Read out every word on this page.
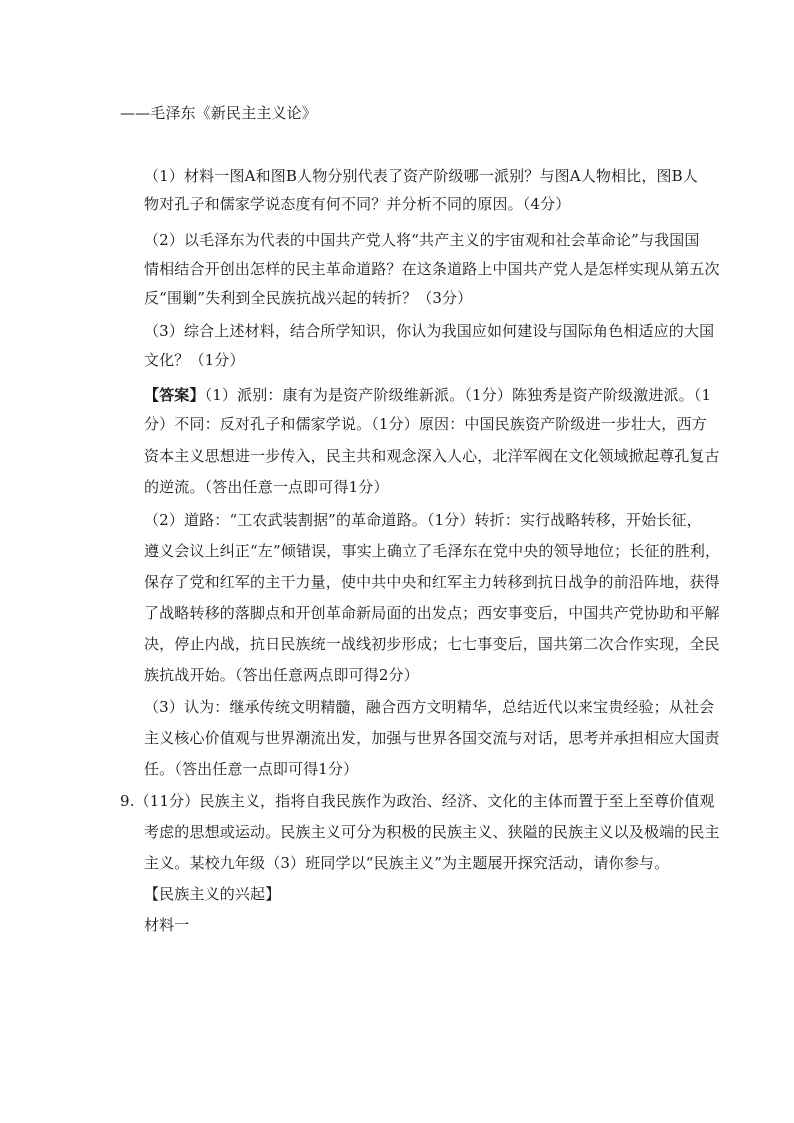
——毛泽东《新民主主义论》
（1）材料一图A和图B人物分别代表了资产阶级哪一派别？与图A人物相比，图B人
物对孔子和儒家学说态度有何不同？并分析不同的原因。（4分）
（2）以毛泽东为代表的中国共产党人将“共产主义的宇宙观和社会革命论”与我国国
情相结合开创出怎样的民主革命道路？在这条道路上中国共产党人是怎样实现从第五次
反“围剿”失利到全民族抗战兴起的转折？（3分）
（3）综合上述材料，结合所学知识，你认为我国应如何建设与国际角色相适应的大国
文化？（1分）
【答案】（1）派别：康有为是资产阶级维新派。（1分）陈独秀是资产阶级激进派。（1
分）不同：反对孔子和儒家学说。（1分）原因：中国民族资产阶级进一步壮大，西方
资本主义思想进一步传入，民主共和观念深入人心，北洋军阀在文化领域掀起尊孔复古
的逆流。（答出任意一点即可得1分）
（2）道路：“工农武装割据”的革命道路。（1分）转折：实行战略转移，开始长征，
遵义会议上纠正“左”倾错误，事实上确立了毛泽东在党中央的领导地位；长征的胜利，
保存了党和红军的主干力量，使中共中央和红军主力转移到抗日战争的前沿阵地，获得
了战略转移的落脚点和开创革命新局面的出发点；西安事变后，中国共产党协助和平解
决，停止内战，抗日民族统一战线初步形成；七七事变后，国共第二次合作实现，全民
族抗战开始。（答出任意两点即可得2分）
（3）认为：继承传统文明精髓，融合西方文明精华，总结近代以来宝贵经验；从社会
主义核心价值观与世界潮流出发，加强与世界各国交流与对话，思考并承担相应大国责
任。（答出任意一点即可得1分）
9.（11分）民族主义，指将自我民族作为政治、经济、文化的主体而置于至上至尊价值观
考虑的思想或运动。民族主义可分为积极的民族主义、狭隘的民族主义以及极端的民主
主义。某校九年级（3）班同学以“民族主义”为主题展开探究活动，请你参与。
【民族主义的兴起】
材料一
